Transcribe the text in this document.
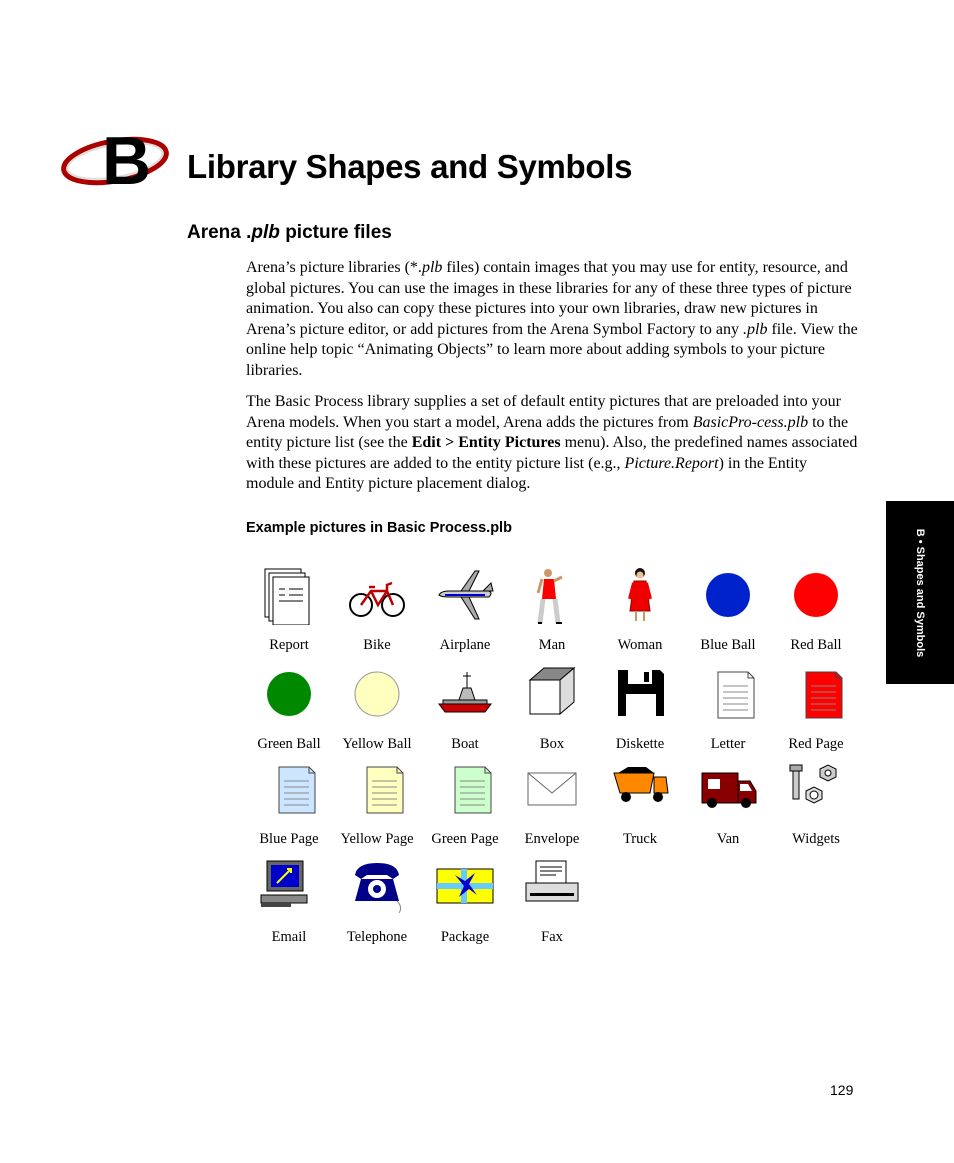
B Library Shapes and Symbols
Arena .plb picture files

Arena’s picture libraries (*.plb files) contain images that you may use for entity, resource, and global pictures. You can use the images in these libraries for any of these three types of picture animation. You also can copy these pictures into your own libraries, draw new pictures in Arena’s picture editor, or add pictures from the Arena Symbol Factory to any .plb file. View the online help topic “Animating Objects” to learn more about adding symbols to your picture libraries.

The Basic Process library supplies a set of default entity pictures that are preloaded into your Arena models. When you start a model, Arena adds the pictures from BasicPro-cess.plb to the entity picture list (see the Edit > Entity Pictures menu). Also, the predefined names associated with these pictures are added to the entity picture list (e.g., Picture.Report) in the Entity module and Entity picture placement dialog.

Example pictures in Basic Process.plb

Report	Bike	Airplane	Man	Woman	Blue Ball	Red Ball
Green Ball	Yellow Ball	Boat	Box	Diskette	Letter	Red Page
Blue Page	Yellow Page	Green Page	Envelope	Truck	Van	Widgets
Email	Telephone	Package	Fax
B • Shapes and Symbols
129
